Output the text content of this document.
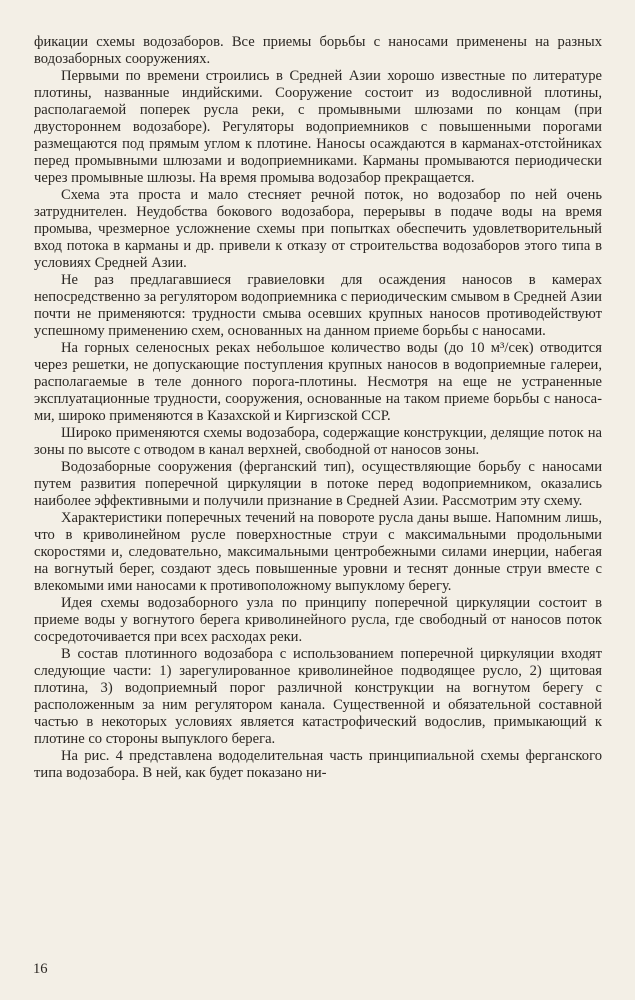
фикации схемы водозаборов. Все приемы борьбы с наносами применены на разных водозаборных сооружениях.

Первыми по времени строились в Средней Азии хорошо известные по литературе плотины, названные индийскими. Сооружение состоит из водосливной плотины, располагаемой поперек русла реки, с промывными шлюзами по концам (при двустороннем водозаборе). Регуляторы водоприемников с повышенными порогами размещаются под прямым углом к плотине. Наносы осаждаются в карманах-отстойниках перед промывными шлюзами и водоприемниками. Карманы промываются периодически через промывные шлюзы. На время промыва водозабор прекращается.

Схема эта проста и мало стесняет речной поток, но водозабор по ней очень затруднителен. Неудобства бокового водозабора, перерывы в подаче воды на время промыва, чрезмерное усложнение схемы при попытках обеспечить удовлетворительный вход потока в карманы и др. привели к отказу от строительства водозаборов этого типа в условиях Средней Азии.

Не раз предлагавшиеся гравиеловки для осаждения наносов в камерах непосредственно за регулятором водоприемника с периодическим смывом в Средней Азии почти не применяются: трудности смыва осевших крупных наносов противодействуют успешному применению схем, основанных на данном приеме борьбы с наносами.

На горных селеносных реках небольшое количество воды (до 10 м³/сек) отводится через решетки, не допускающие поступления крупных наносов в водоприемные галереи, располагаемые в теле донного порога-плотины. Несмотря на еще не устраненные эксплуатационные трудности, сооружения, основанные на таком приеме борьбы с наносами, широко применяются в Казахской и Киргизской ССР.

Широко применяются схемы водозабора, содержащие конструкции, делящие поток на зоны по высоте с отводом в канал верхней, свободной от наносов зоны.

Водозаборные сооружения (ферганский тип), осуществляющие борьбу с наносами путем развития поперечной циркуляции в потоке перед водоприемником, оказались наиболее эффективными и получили признание в Средней Азии. Рассмотрим эту схему.

Характеристики поперечных течений на повороте русла даны выше. Напомним лишь, что в криволинейном русле поверхностные струи с максимальными продольными скоростями и, следовательно, максимальными центробежными силами инерции, набегая на вогнутый берег, создают здесь повышенные уровни и теснят донные струи вместе с влекомыми ими наносами к противоположному выпуклому берегу.

Идея схемы водозаборного узла по принципу поперечной циркуляции состоит в приеме воды у вогнутого берега криволинейного русла, где свободный от наносов поток сосредоточивается при всех расходах реки.

В состав плотинного водозабора с использованием поперечной циркуляции входят следующие части: 1) зарегулированное криволинейное подводящее русло, 2) щитовая плотина, 3) водоприемный порог различной конструкции на вогнутом берегу с расположенным за ним регулятором канала. Существенной и обязательной составной частью в некоторых условиях является катастрофический водослив, примыкающий к плотине со стороны выпуклого берега.

На рис. 4 представлена вододелительная часть принципиальной схемы ферганского типа водозабора. В ней, как будет показано ни-

16
